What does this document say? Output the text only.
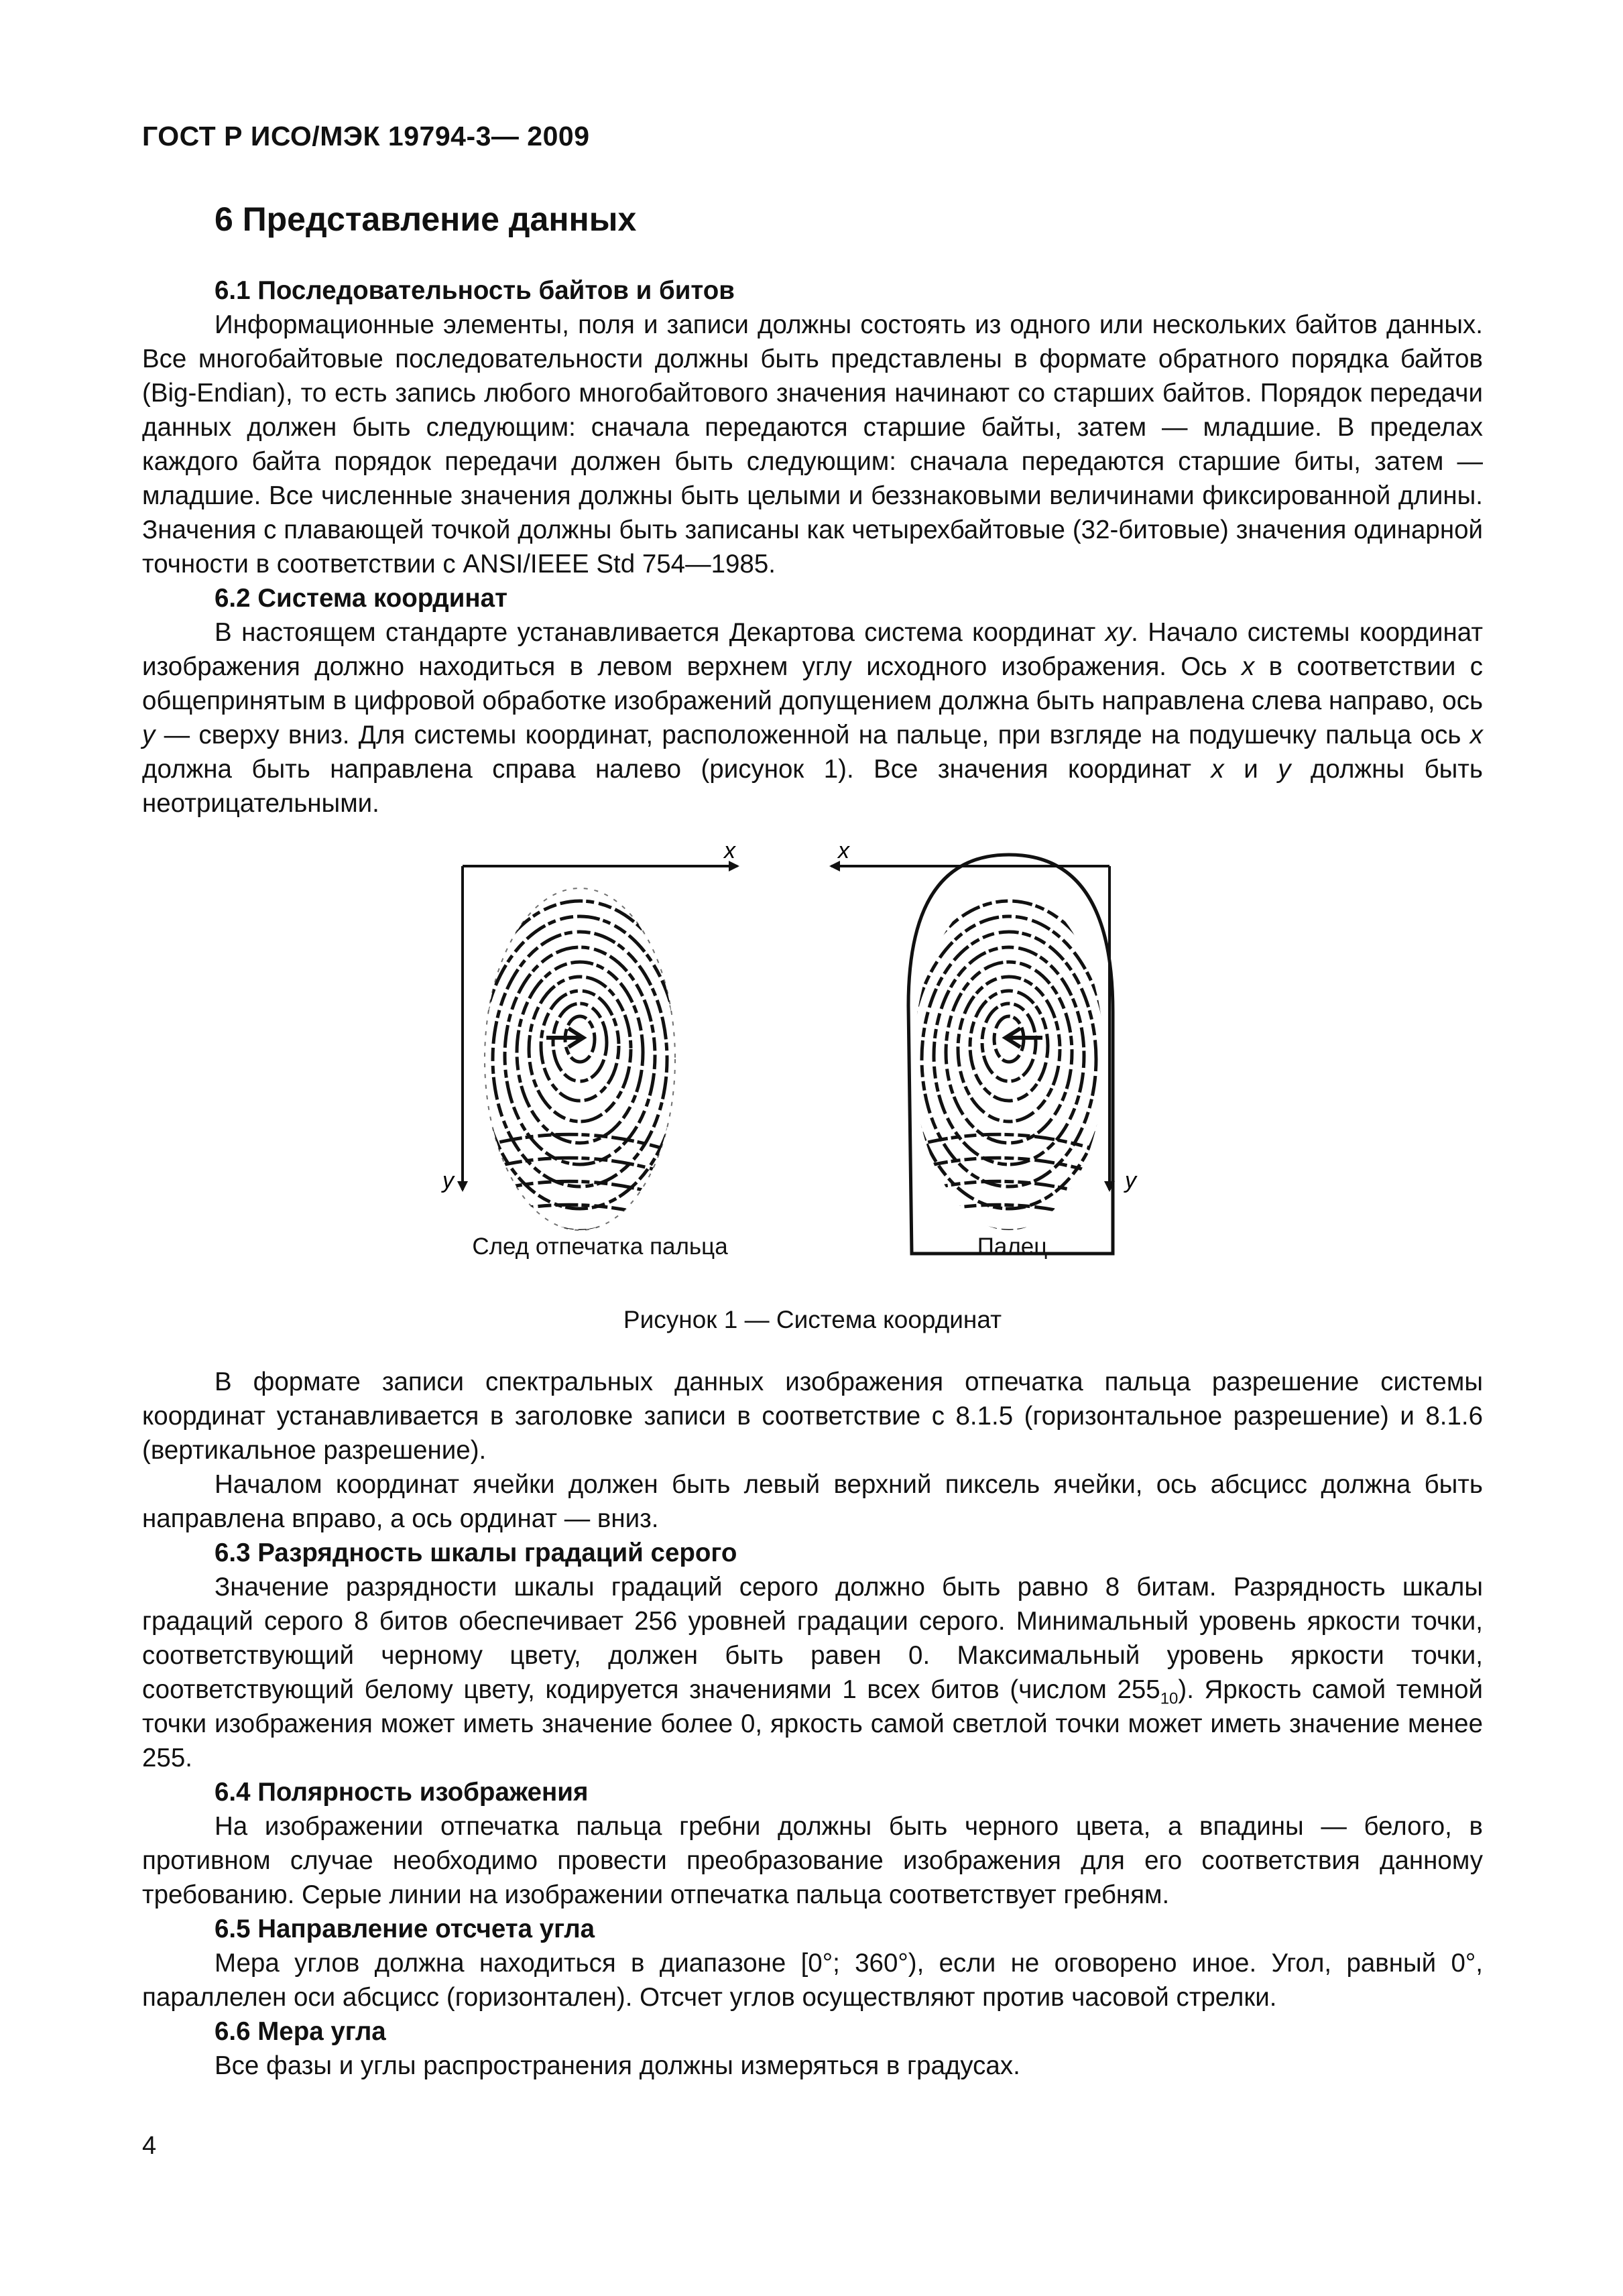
ГОСТ Р ИСО/МЭК 19794-3— 2009
6 Представление данных

6.1 Последовательность байтов и битов

Информационные элементы, поля и записи должны состоять из одного или нескольких байтов данных. Все многобайтовые последовательности должны быть представлены в формате обратного порядка байтов (Big-Endian), то есть запись любого многобайтового значения начинают со старших байтов. Порядок передачи данных должен быть следующим: сначала передаются старшие байты, затем — младшие. В пределах каждого байта порядок передачи должен быть следующим: сначала передаются старшие биты, затем — младшие. Все численные значения должны быть целыми и беззнаковыми величинами фиксированной длины. Значения с плавающей точкой должны быть записаны как четырехбайтовые (32-битовые) значения одинарной точности в соответствии с ANSI/IEEE Std 754—1985.

6.2 Система координат

В настоящем стандарте устанавливается Декартова система координат xy. Начало системы координат изображения должно находиться в левом верхнем углу исходного изображения. Ось x в соответствии с общепринятым в цифровой обработке изображений допущением должна быть направлена слева направо, ось y — сверху вниз. Для системы координат, расположенной на пальце, при взгляде на подушечку пальца ось x должна быть направлена справа налево (рисунок 1). Все значения координат x и y должны быть неотрицательными.

x
y
x
y
След отпечатка пальца	Палец
Рисунок 1 — Система координат

В формате записи спектральных данных изображения отпечатка пальца разрешение системы координат устанавливается в заголовке записи в соответствие с 8.1.5 (горизонтальное разрешение) и 8.1.6 (вертикальное разрешение).

Началом координат ячейки должен быть левый верхний пиксель ячейки, ось абсцисс должна быть направлена вправо, а ось ординат — вниз.

6.3 Разрядность шкалы градаций серого

Значение разрядности шкалы градаций серого должно быть равно 8 битам. Разрядность шкалы градаций серого 8 битов обеспечивает 256 уровней градации серого. Минимальный уровень яркости точки, соответствующий черному цвету, должен быть равен 0. Максимальный уровень яркости точки, соответствующий белому цвету, кодируется значениями 1 всех битов (числом $255_{10}$). Яркость самой темной точки изображения может иметь значение более 0, яркость самой светлой точки может иметь значение менее 255.

6.4 Полярность изображения

На изображении отпечатка пальца гребни должны быть черного цвета, а впадины — белого, в противном случае необходимо провести преобразование изображения для его соответствия данному требованию. Серые линии на изображении отпечатка пальца соответствует гребням.

6.5 Направление отсчета угла

Мера углов должна находиться в диапазоне [0°; 360°), если не оговорено иное. Угол, равный 0°, параллелен оси абсцисс (горизонтален). Отсчет углов осуществляют против часовой стрелки.

6.6 Мера угла

Все фазы и углы распространения должны измеряться в градусах.

4
